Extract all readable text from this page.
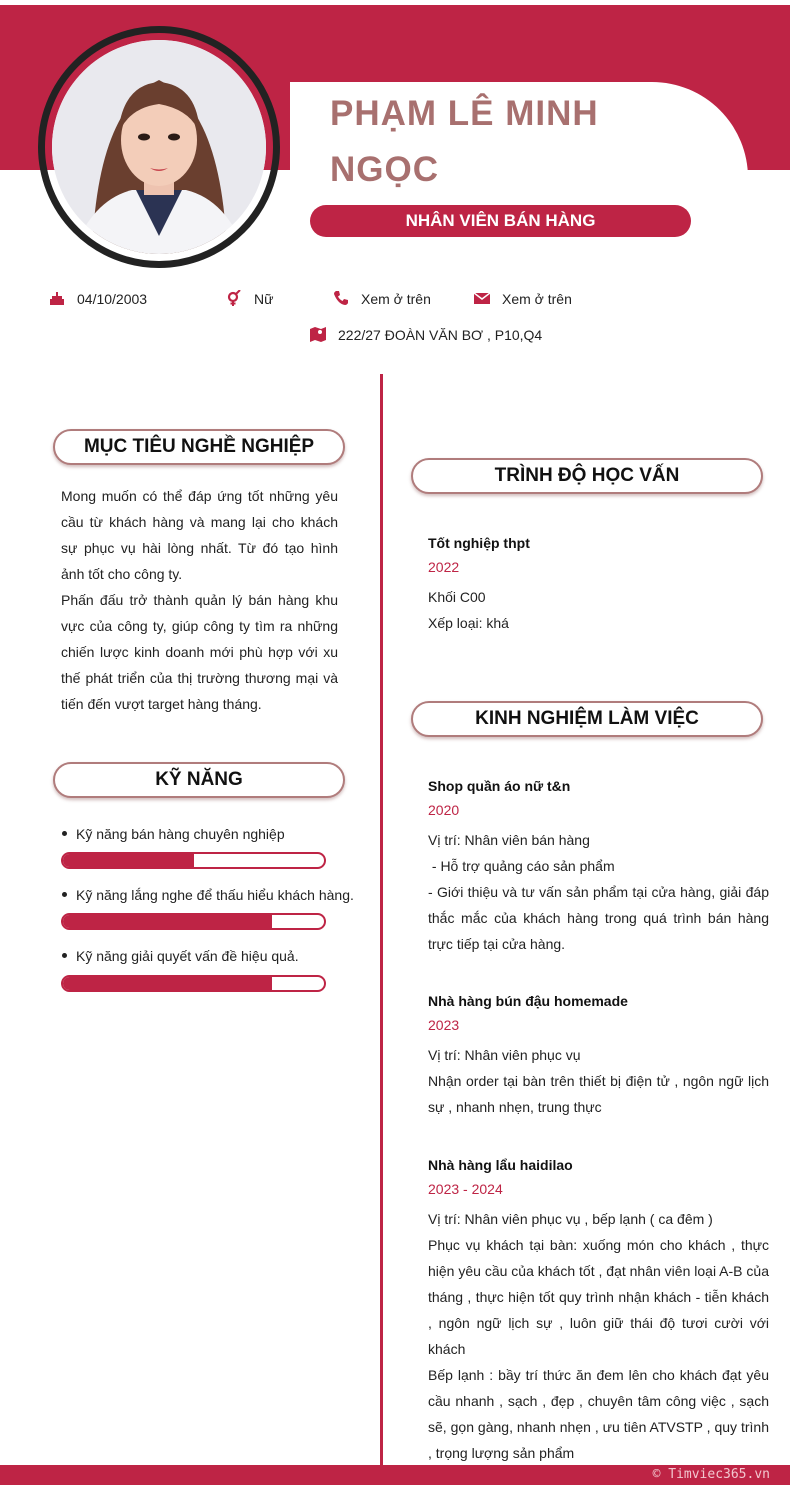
PHẠM LÊ MINH
NGỌC
NHÂN VIÊN BÁN HÀNG
04/10/2003	Nữ	Xem ở trên	Xem ở trên
222/27 ĐOÀN VĂN BƠ , P10,Q4
MỤC TIÊU NGHỀ NGHIỆP
Mong muốn có thể đáp ứng tốt những yêu cầu từ khách hàng và mang lại cho khách sự phục vụ hài lòng nhất. Từ đó tạo hình ảnh tốt cho công ty.
Phấn đấu trở thành quản lý bán hàng khu vực của công ty, giúp công ty tìm ra những chiến lược kinh doanh mới phù hợp với xu thế phát triển của thị trường thương mại và tiến đến vượt target hàng tháng.
KỸ NĂNG
Kỹ năng bán hàng chuyên nghiệp
Kỹ năng lắng nghe để thấu hiểu khách hàng.
Kỹ năng giải quyết vấn đề hiệu quả.
TRÌNH ĐỘ HỌC VẤN
Tốt nghiệp thpt
2022
Khối C00
Xếp loại: khá
KINH NGHIỆM LÀM VIỆC
Shop quần áo nữ t&n
2020
Vị trí: Nhân viên bán hàng
- Hỗ trợ quảng cáo sản phẩm
- Giới thiệu và tư vấn sản phẩm tại cửa hàng, giải đáp thắc mắc của khách hàng trong quá trình bán hàng trực tiếp tại cửa hàng.
Nhà hàng bún đậu homemade
2023
Vị trí: Nhân viên phục vụ
Nhận order tại bàn trên thiết bị điện tử , ngôn ngữ lịch sự , nhanh nhẹn, trung thực
Nhà hàng lẩu haidilao
2023 - 2024
Vị trí: Nhân viên phục vụ , bếp lạnh ( ca đêm )
Phục vụ khách tại bàn: xuống món cho khách , thực hiện yêu cầu của khách tốt , đạt nhân viên loại A-B của tháng , thực hiện tốt quy trình nhận khách - tiễn khách , ngôn ngữ lịch sự , luôn giữ thái độ tươi cười với khách
Bếp lạnh : bầy trí thức ăn đem lên cho khách đạt yêu cầu nhanh , sạch , đẹp , chuyên tâm công việc , sạch sẽ, gọn gàng, nhanh nhẹn , ưu tiên ATVSTP , quy trình , trọng lượng sản phẩm
© Timviec365.vn
